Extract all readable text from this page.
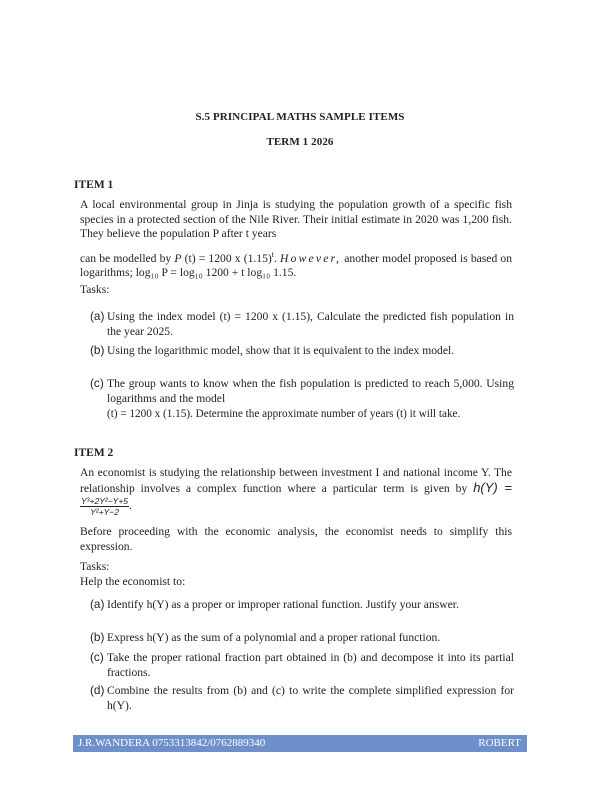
S.5 PRINCIPAL MATHS SAMPLE ITEMS
TERM 1 2026
ITEM 1
A local environmental group in Jinja is studying the population growth of a specific fish species in a protected section of the Nile River. Their initial estimate in 2020 was 1,200 fish. They believe the population P after t years
can be modelled by P (t) = 1200 x $(1.15)^t$. However, another model proposed is based on logarithms; log₁₀ P = log₁₀ 1200 + t log₁₀ 1.15.
Tasks:
(a) Using the index model (t) = 1200 x (1.15), Calculate the predicted fish population in the year 2025.
(b) Using the logarithmic model, show that it is equivalent to the index model.
(c) The group wants to know when the fish population is predicted to reach 5,000. Using logarithms and the model
(t) = 1200 x (1.15). Determine the approximate number of years (t) it will take.
ITEM 2
An economist is studying the relationship between investment I and national income Y. The relationship involves a complex function where a particular term is given by h(Y) =
$\frac{\text{Y³+2Y²−Y+5}}{\text{Y²+Y−2}}$ .
Before proceeding with the economic analysis, the economist needs to simplify this expression.
Tasks:
Help the economist to:
(a) Identify h(Y) as a proper or improper rational function. Justify your answer.
(b) Express h(Y) as the sum of a polynomial and a proper rational function.
(c) Take the proper rational fraction part obtained in (b) and decompose it into its partial fractions.
(d) Combine the results from (b) and (c) to write the complete simplified expression for h(Y).
J.R.WANDERA 0753313842/0762889340	ROBERT
